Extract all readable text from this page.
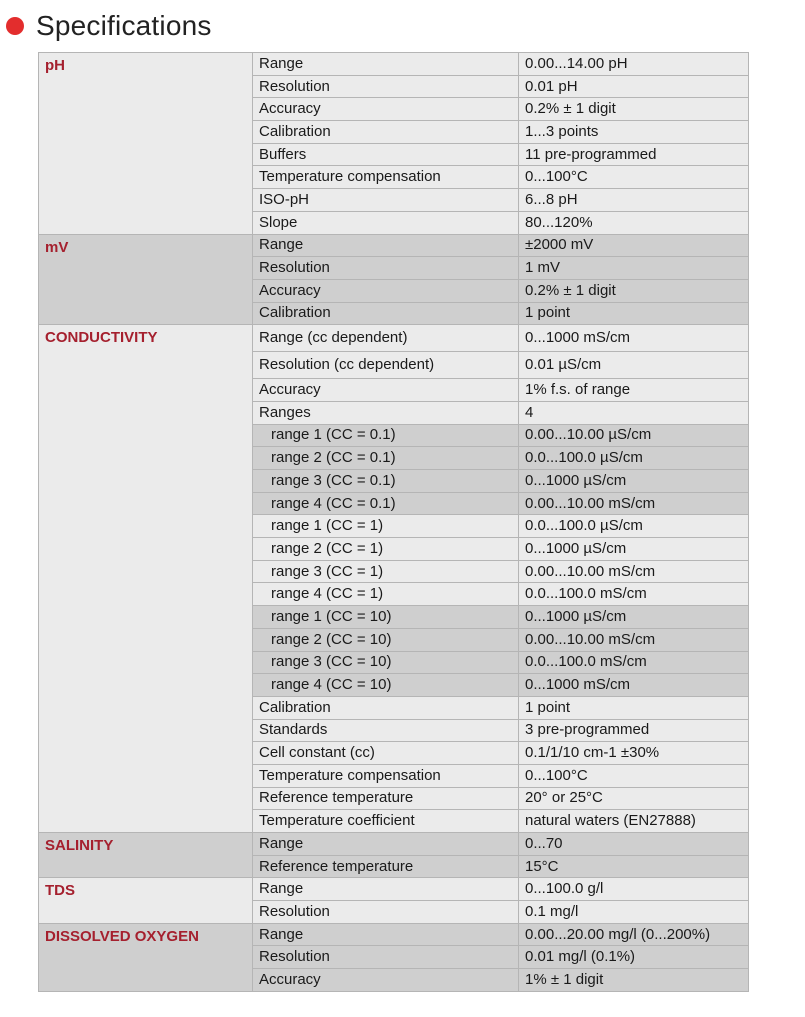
Specifications
pH	Range	0.00...14.00 pH
	Resolution	0.01 pH
	Accuracy	0.2% ± 1 digit
	Calibration	1...3 points
	Buffers	11 pre-programmed
	Temperature compensation	0...100°C
	ISO-pH	6...8 pH
	Slope	80...120%
mV	Range	±2000 mV
	Resolution	1 mV
	Accuracy	0.2% ± 1 digit
	Calibration	1 point
CONDUCTIVITY	Range (cc dependent)	0...1000 mS/cm
	Resolution (cc dependent)	0.01 µS/cm
	Accuracy	1% f.s. of range
	Ranges	4
	range 1 (CC = 0.1)	0.00...10.00 µS/cm
	range 2 (CC = 0.1)	0.0...100.0 µS/cm
	range 3 (CC = 0.1)	0...1000 µS/cm
	range 4 (CC = 0.1)	0.00...10.00 mS/cm
	range 1 (CC = 1)	0.0...100.0 µS/cm
	range 2 (CC = 1)	0...1000 µS/cm
	range 3 (CC = 1)	0.00...10.00 mS/cm
	range 4 (CC = 1)	0.0...100.0 mS/cm
	range 1 (CC = 10)	0...1000 µS/cm
	range 2 (CC = 10)	0.00...10.00 mS/cm
	range 3 (CC = 10)	0.0...100.0 mS/cm
	range 4 (CC = 10)	0...1000 mS/cm
	Calibration	1 point
	Standards	3 pre-programmed
	Cell constant (cc)	0.1/1/10 cm-1 ±30%
	Temperature compensation	0...100°C
	Reference temperature	20° or 25°C
	Temperature coefficient	natural waters (EN27888)
SALINITY	Range	0...70
	Reference temperature	15°C
TDS	Range	0...100.0 g/l
	Resolution	0.1 mg/l
DISSOLVED OXYGEN	Range	0.00...20.00 mg/l (0...200%)
	Resolution	0.01 mg/l (0.1%)
	Accuracy	1% ± 1 digit
